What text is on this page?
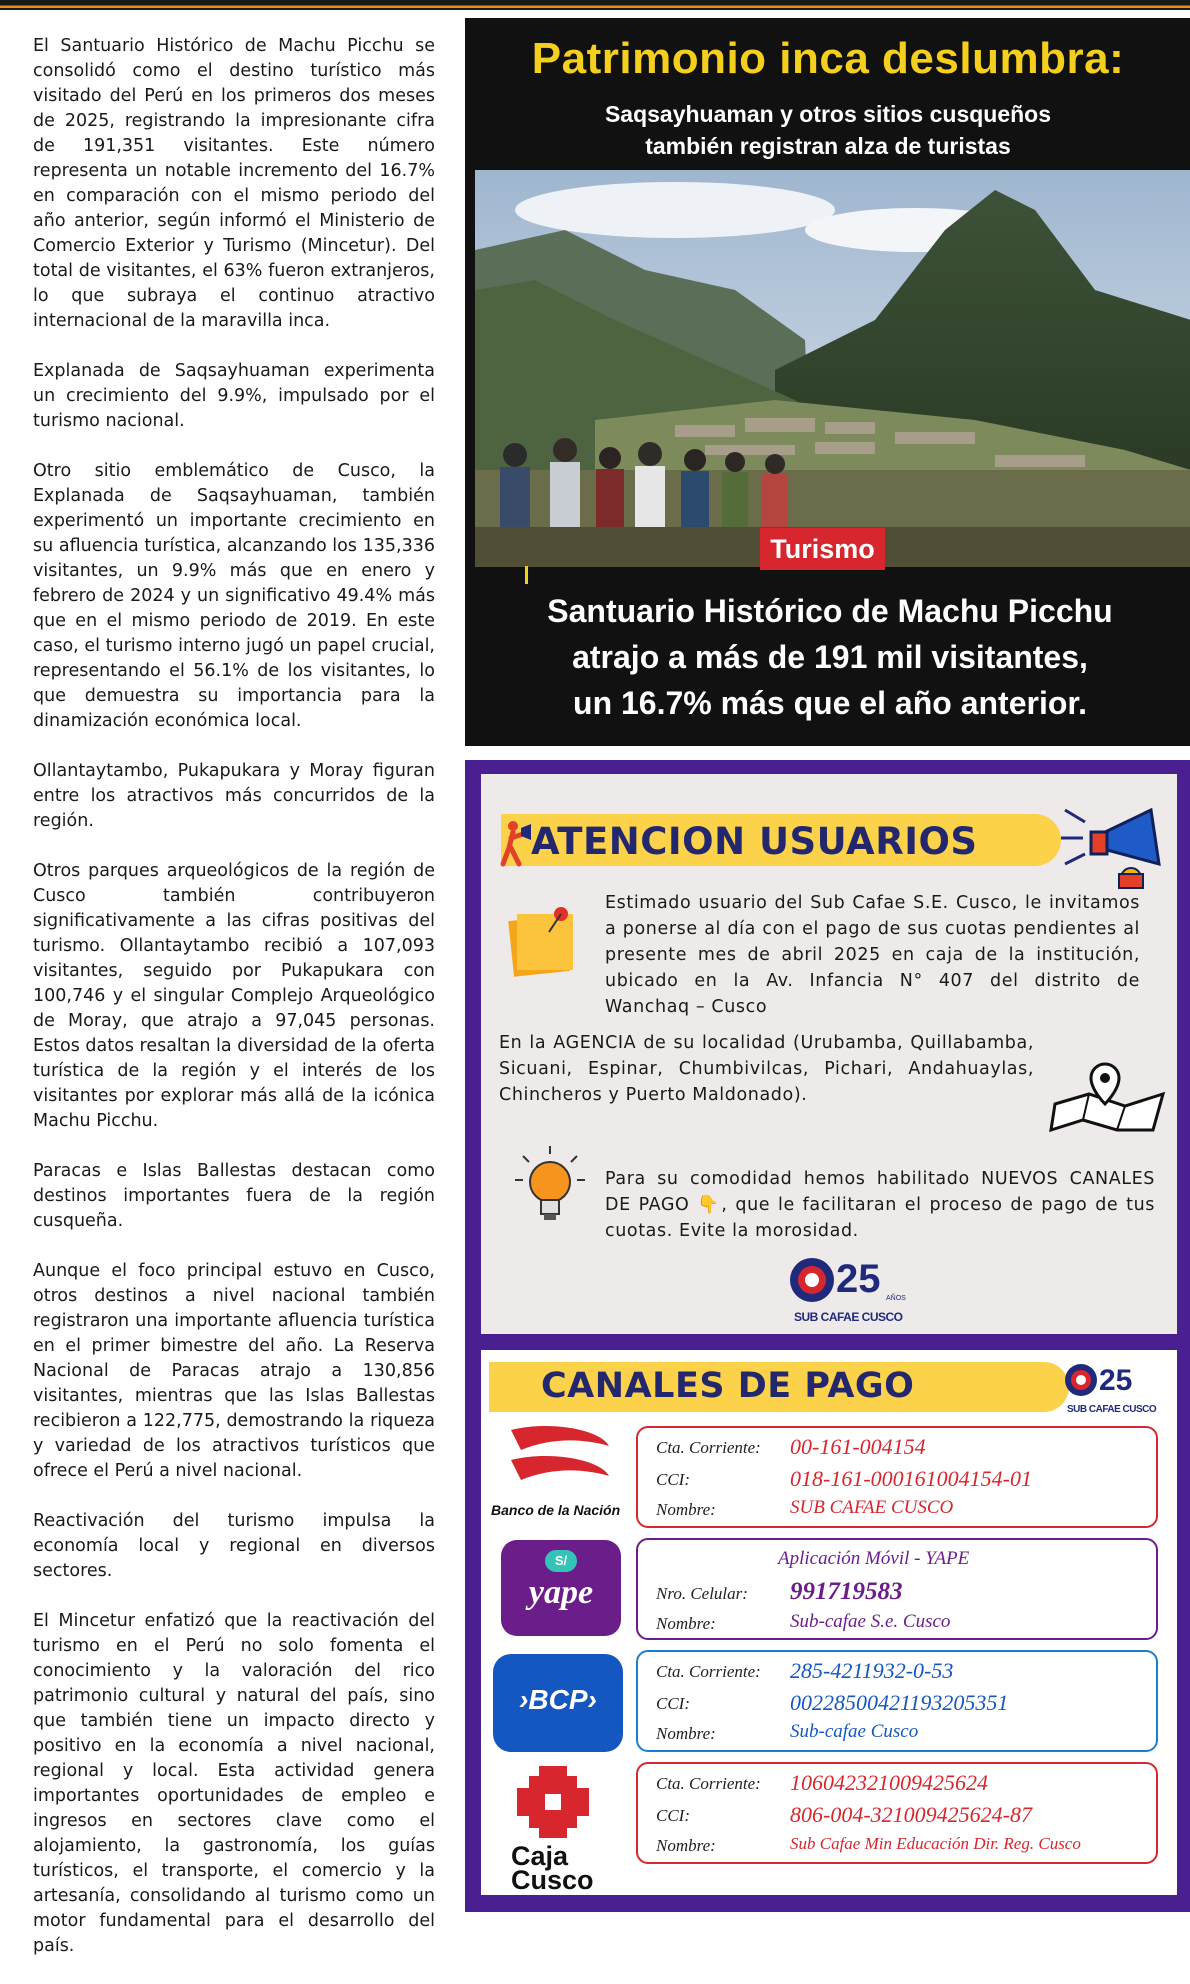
El Santuario Histórico de Machu Picchu se consolidó como el destino turístico más visitado del Perú en los primeros dos meses de 2025, registrando la impresionante cifra de 191,351 visitantes. Este número representa un notable incremento del 16.7% en comparación con el mismo periodo del año anterior, según informó el Ministerio de Comercio Exterior y Turismo (Mincetur). Del total de visitantes, el 63% fueron extranjeros, lo que subraya el continuo atractivo internacional de la maravilla inca.

Explanada de Saqsayhuaman experimenta un crecimiento del 9.9%, impulsado por el turismo nacional.

Otro sitio emblemático de Cusco, la Explanada de Saqsayhuaman, también experimentó un importante crecimiento en su afluencia turística, alcanzando los 135,336 visitantes, un 9.9% más que en enero y febrero de 2024 y un significativo 49.4% más que en el mismo periodo de 2019. En este caso, el turismo interno jugó un papel crucial, representando el 56.1% de los visitantes, lo que demuestra su importancia para la dinamización económica local.

Ollantaytambo, Pukapukara y Moray figuran entre los atractivos más concurridos de la región.

Otros parques arqueológicos de la región de Cusco también contribuyeron significativamente a las cifras positivas del turismo. Ollantaytambo recibió a 107,093 visitantes, seguido por Pukapukara con 100,746 y el singular Complejo Arqueológico de Moray, que atrajo a 97,045 personas. Estos datos resaltan la diversidad de la oferta turística de la región y el interés de los visitantes por explorar más allá de la icónica Machu Picchu.

Paracas e Islas Ballestas destacan como destinos importantes fuera de la región cusqueña.

Aunque el foco principal estuvo en Cusco, otros destinos a nivel nacional también registraron una importante afluencia turística en el primer bimestre del año. La Reserva Nacional de Paracas atrajo a 130,856 visitantes, mientras que las Islas Ballestas recibieron a 122,775, demostrando la riqueza y variedad de los atractivos turísticos que ofrece el Perú a nivel nacional.

Reactivación del turismo impulsa la economía local y regional en diversos sectores.

El Mincetur enfatizó que la reactivación del turismo en el Perú no solo fomenta el conocimiento y la valoración del rico patrimonio cultural y natural del país, sino que también tiene un impacto directo y positivo en la economía a nivel nacional, regional y local. Esta actividad genera importantes oportunidades de empleo e ingresos en sectores clave como el alojamiento, la gastronomía, los guías turísticos, el transporte, el comercio y la artesanía, consolidando al turismo como un motor fundamental para el desarrollo del país.

Patrimonio inca deslumbra:
Saqsayhuaman y otros sitios cusqueños
también registran alza de turistas
Turismo
Santuario Histórico de Machu Picchu
atrajo a más de 191 mil visitantes,
un 16.7% más que el año anterior.
ATENCION USUARIOS
Estimado usuario del Sub Cafae S.E. Cusco, le invitamos a ponerse al día con el pago de sus cuotas pendientes al presente mes de abril 2025 en caja de la institución, ubicado en la Av. Infancia N° 407 del distrito de Wanchaq – Cusco
En la AGENCIA de su localidad (Urubamba, Quillabamba, Sicuani, Espinar, Chumbivilcas, Pichari, Andahuaylas, Chincheros y Puerto Maldonado).
Para su comodidad hemos habilitado NUEVOS CANALES DE PAGO 👇, que le facilitaran el proceso de pago de tus cuotas. Evite la morosidad.
25 AÑOS
SUB CAFAE CUSCO
CANALES DE PAGO	25
SUB CAFAE CUSCO
Banco de la Nación
Cta. Corriente: 00-161-004154
CCI:	018-161-000161004154-01
Nombre:	SUB CAFAE CUSCO
S/
yape
Aplicación Móvil - YAPE
Nro. Celular: 991719583
Nombre:	Sub-cafae S.e. Cusco
›BCP›
Cta. Corriente: 285-4211932-0-53
CCI:	00228500421193205351
Nombre:	Sub-cafae Cusco
Caja
Cusco
Cta. Corriente: 106042321009425624
CCI:	806-004-321009425624-87
Nombre:	Sub Cafae Min Educación Dir. Reg. Cusco
